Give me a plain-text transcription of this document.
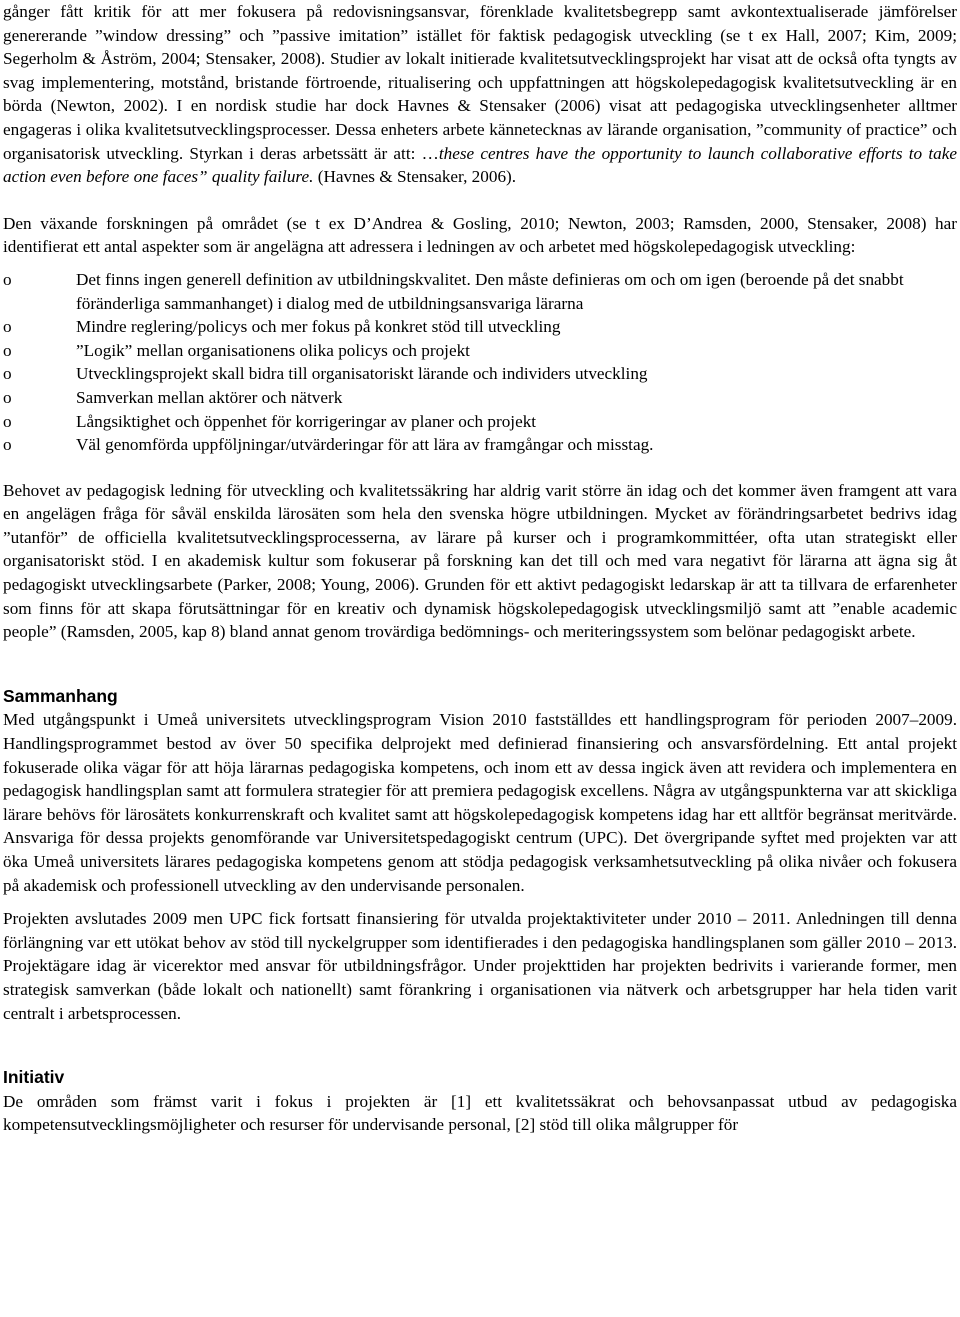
gånger fått kritik för att mer fokusera på redovisningsansvar, förenklade kvalitetsbegrepp samt avkontextualiserade jämförelser genererande ”window dressing” och ”passive imitation” istället för faktisk pedagogisk utveckling (se t ex Hall, 2007; Kim, 2009; Segerholm & Åström, 2004; Stensaker, 2008). Studier av lokalt initierade kvalitetsutvecklingsprojekt har visat att de också ofta tyngts av svag implementering, motstånd, bristande förtroende, ritualisering och uppfattningen att högskolepedagogisk kvalitetsutveckling är en börda (Newton, 2002). I en nordisk studie har dock Havnes & Stensaker (2006) visat att pedagogiska utvecklingsenheter alltmer engageras i olika kvalitetsutvecklingsprocesser. Dessa enheters arbete kännetecknas av lärande organisation, ”community of practice” och organisatorisk utveckling. Styrkan i deras arbetssätt är att: …these centres have the opportunity to launch collaborative efforts to take action even before one faces” quality failure. (Havnes & Stensaker, 2006).

Den växande forskningen på området (se t ex D’Andrea & Gosling, 2010; Newton, 2003; Ramsden, 2000, Stensaker, 2008) har identifierat ett antal aspekter som är angelägna att adressera i ledningen av och arbetet med högskolepedagogisk utveckling:

o	Det finns ingen generell definition av utbildningskvalitet. Den måste definieras om och om igen (beroende på det snabbt föränderliga sammanhanget) i dialog med de utbildningsansvariga lärarna
o	Mindre reglering/policys och mer fokus på konkret stöd till utveckling
o	”Logik” mellan organisationens olika policys och projekt
o	Utvecklingsprojekt skall bidra till organisatoriskt lärande och individers utveckling
o	Samverkan mellan aktörer och nätverk
o	Långsiktighet och öppenhet för korrigeringar av planer och projekt
o	Väl genomförda uppföljningar/utvärderingar för att lära av framgångar och misstag.

Behovet av pedagogisk ledning för utveckling och kvalitetssäkring har aldrig varit större än idag och det kommer även framgent att vara en angelägen fråga för såväl enskilda lärosäten som hela den svenska högre utbildningen. Mycket av förändringsarbetet bedrivs idag ”utanför” de officiella kvalitetsutvecklingsprocesserna, av lärare på kurser och i programkommittéer, ofta utan strategiskt eller organisatoriskt stöd. I en akademisk kultur som fokuserar på forskning kan det till och med vara negativt för lärarna att ägna sig åt pedagogiskt utvecklingsarbete (Parker, 2008; Young, 2006). Grunden för ett aktivt pedagogiskt ledarskap är att ta tillvara de erfarenheter som finns för att skapa förutsättningar för en kreativ och dynamisk högskolepedagogisk utvecklingsmiljö samt att ”enable academic people” (Ramsden, 2005, kap 8) bland annat genom trovärdiga bedömnings- och meriteringssystem som belönar pedagogiskt arbete.

Sammanhang

Med utgångspunkt i Umeå universitets utvecklingsprogram Vision 2010 fastställdes ett handlingsprogram för perioden 2007–2009. Handlingsprogrammet bestod av över 50 specifika delprojekt med definierad finansiering och ansvarsfördelning. Ett antal projekt fokuserade olika vägar för att höja lärarnas pedagogiska kompetens, och inom ett av dessa ingick även att revidera och implementera en pedagogisk handlingsplan samt att formulera strategier för att premiera pedagogisk excellens. Några av utgångspunkterna var att skickliga lärare behövs för lärosätets konkurrenskraft och kvalitet samt att högskolepedagogisk kompetens idag har ett alltför begränsat meritvärde. Ansvariga för dessa projekts genomförande var Universitetspedagogiskt centrum (UPC). Det övergripande syftet med projekten var att öka Umeå universitets lärares pedagogiska kompetens genom att stödja pedagogisk verksamhetsutveckling på olika nivåer och fokusera på akademisk och professionell utveckling av den undervisande personalen.

Projekten avslutades 2009 men UPC fick fortsatt finansiering för utvalda projektaktiviteter under 2010 – 2011. Anledningen till denna förlängning var ett utökat behov av stöd till nyckelgrupper som identifierades i den pedagogiska handlingsplanen som gäller 2010 – 2013. Projektägare idag är vicerektor med ansvar för utbildningsfrågor. Under projekttiden har projekten bedrivits i varierande former, men strategisk samverkan (både lokalt och nationellt) samt förankring i organisationen via nätverk och arbetsgrupper har hela tiden varit centralt i arbetsprocessen.

Initiativ

De områden som främst varit i fokus i projekten är [1] ett kvalitetssäkrat och behovsanpassat utbud av pedagogiska kompetensutvecklingsmöjligheter och resurser för undervisande personal, [2] stöd till olika målgrupper för
